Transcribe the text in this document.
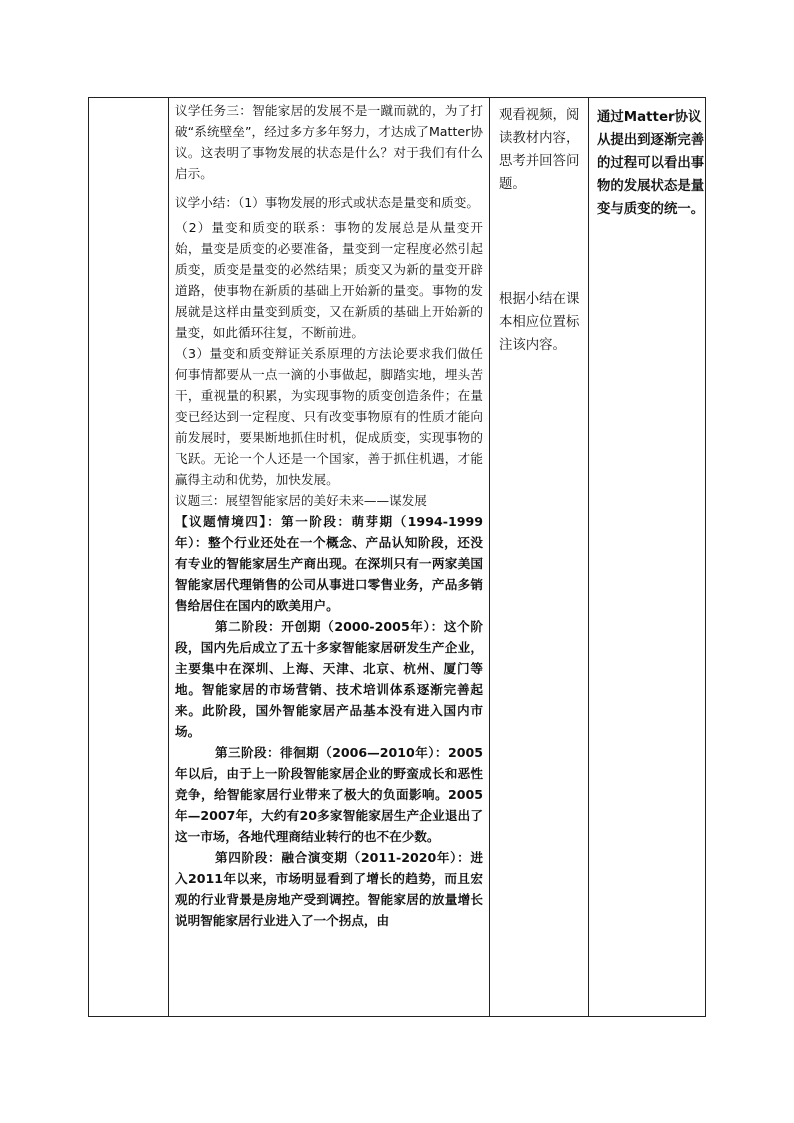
议学任务三：智能家居的发展不是一蹴而就的，为了打破“系统壁垒”，经过多方多年努力，才达成了Matter协议。这表明了事物发展的状态是什么？对于我们有什么启示。

议学小结：（1）事物发展的形式或状态是量变和质变。

（2）量变和质变的联系：事物的发展总是从量变开始，量变是质变的必要准备，量变到一定程度必然引起质变，质变是量变的必然结果；质变又为新的量变开辟道路，使事物在新质的基础上开始新的量变。事物的发展就是这样由量变到质变，又在新质的基础上开始新的量变，如此循环往复，不断前进。

（3）量变和质变辩证关系原理的方法论要求我们做任何事情都要从一点一滴的小事做起，脚踏实地，埋头苦干，重视量的积累，为实现事物的质变创造条件；在量变已经达到一定程度、只有改变事物原有的性质才能向前发展时，要果断地抓住时机，促成质变，实现事物的飞跃。无论一个人还是一个国家，善于抓住机遇，才能赢得主动和优势，加快发展。

议题三：展望智能家居的美好未来——谋发展

【议题情境四】：第一阶段：萌芽期（1994-1999年）：整个行业还处在一个概念、产品认知阶段，还没有专业的智能家居生产商出现。在深圳只有一两家美国智能家居代理销售的公司从事进口零售业务，产品多销售给居住在国内的欧美用户。

第二阶段：开创期（2000-2005年）：这个阶段，国内先后成立了五十多家智能家居研发生产企业，主要集中在深圳、上海、天津、北京、杭州、厦门等地。智能家居的市场营销、技术培训体系逐渐完善起来。此阶段，国外智能家居产品基本没有进入国内市场。

第三阶段：徘徊期（2006—2010年）：2005年以后，由于上一阶段智能家居企业的野蛮成长和恶性竞争，给智能家居行业带来了极大的负面影响。2005年—2007年，大约有20多家智能家居生产企业退出了这一市场，各地代理商结业转行的也不在少数。

第四阶段：融合演变期（2011-2020年）：进入2011年以来，市场明显看到了增长的趋势，而且宏观的行业背景是房地产受到调控。智能家居的放量增长说明智能家居行业进入了一个拐点，由

观看视频，阅读教材内容，思考并回答问题。

根据小结在课本相应位置标注该内容。

通过Matter协议从提出到逐渐完善的过程可以看出事物的发展状态是量变与质变的统一。
